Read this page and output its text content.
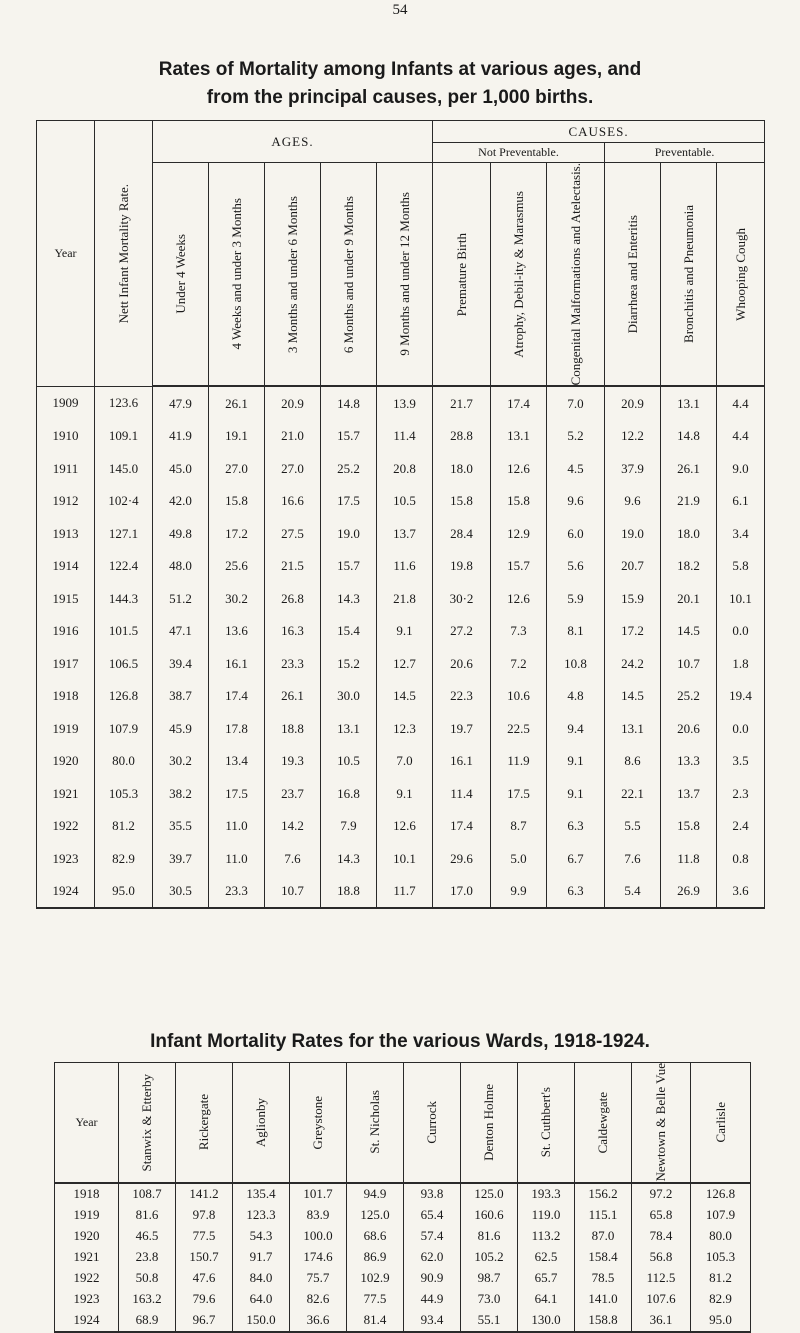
54
Rates of Mortality among Infants at various ages, and
from the principal causes, per 1,000 births.
Year	Nett Infant Mortality Rate.	AGES.					CAUSES.					
							Not Preventable.			Preventable.		

		Under 4 Weeks	4 Weeks and under 3 Months	3 Months and under 6 Months	6 Months and under 9 Months	9 Months and under 12 Months	Premature Birth	Atrophy, Debil-ity & Marasmus	Congenital Malformations and Atelectasis.	Diarrhœa and Enteritis	Bronchitis and Pneumonia	Whooping Cough

1909	123.6	47.9	26.1	20.9	14.8	13.9	21.7	17.4	7.0	20.9	13.1	4.4
1910	109.1	41.9	19.1	21.0	15.7	11.4	28.8	13.1	5.2	12.2	14.8	4.4
1911	145.0	45.0	27.0	27.0	25.2	20.8	18.0	12.6	4.5	37.9	26.1	9.0
1912	102·4	42.0	15.8	16.6	17.5	10.5	15.8	15.8	9.6	9.6	21.9	6.1
1913	127.1	49.8	17.2	27.5	19.0	13.7	28.4	12.9	6.0	19.0	18.0	3.4
1914	122.4	48.0	25.6	21.5	15.7	11.6	19.8	15.7	5.6	20.7	18.2	5.8
1915	144.3	51.2	30.2	26.8	14.3	21.8	30·2	12.6	5.9	15.9	20.1	10.1
1916	101.5	47.1	13.6	16.3	15.4	9.1	27.2	7.3	8.1	17.2	14.5	0.0
1917	106.5	39.4	16.1	23.3	15.2	12.7	20.6	7.2	10.8	24.2	10.7	1.8
1918	126.8	38.7	17.4	26.1	30.0	14.5	22.3	10.6	4.8	14.5	25.2	19.4
1919	107.9	45.9	17.8	18.8	13.1	12.3	19.7	22.5	9.4	13.1	20.6	0.0
1920	80.0	30.2	13.4	19.3	10.5	7.0	16.1	11.9	9.1	8.6	13.3	3.5
1921	105.3	38.2	17.5	23.7	16.8	9.1	11.4	17.5	9.1	22.1	13.7	2.3
1922	81.2	35.5	11.0	14.2	7.9	12.6	17.4	8.7	6.3	5.5	15.8	2.4
1923	82.9	39.7	11.0	7.6	14.3	10.1	29.6	5.0	6.7	7.6	11.8	0.8
1924	95.0	30.5	23.3	10.7	18.8	11.7	17.0	9.9	6.3	5.4	26.9	3.6
Infant Mortality Rates for the various Wards, 1918-1924.
Year	Stanwix & Etterby	Rickergate	Aglionby	Greystone	St. Nicholas	Currock	Denton Holme	St. Cuthbert's	Caldewgate	Newtown & Belle Vue	Carlisle

1918	108.7	141.2	135.4	101.7	94.9	93.8	125.0	193.3	156.2	97.2	126.8
1919	81.6	97.8	123.3	83.9	125.0	65.4	160.6	119.0	115.1	65.8	107.9
1920	46.5	77.5	54.3	100.0	68.6	57.4	81.6	113.2	87.0	78.4	80.0
1921	23.8	150.7	91.7	174.6	86.9	62.0	105.2	62.5	158.4	56.8	105.3
1922	50.8	47.6	84.0	75.7	102.9	90.9	98.7	65.7	78.5	112.5	81.2
1923	163.2	79.6	64.0	82.6	77.5	44.9	73.0	64.1	141.0	107.6	82.9
1924	68.9	96.7	150.0	36.6	81.4	93.4	55.1	130.0	158.8	36.1	95.0
